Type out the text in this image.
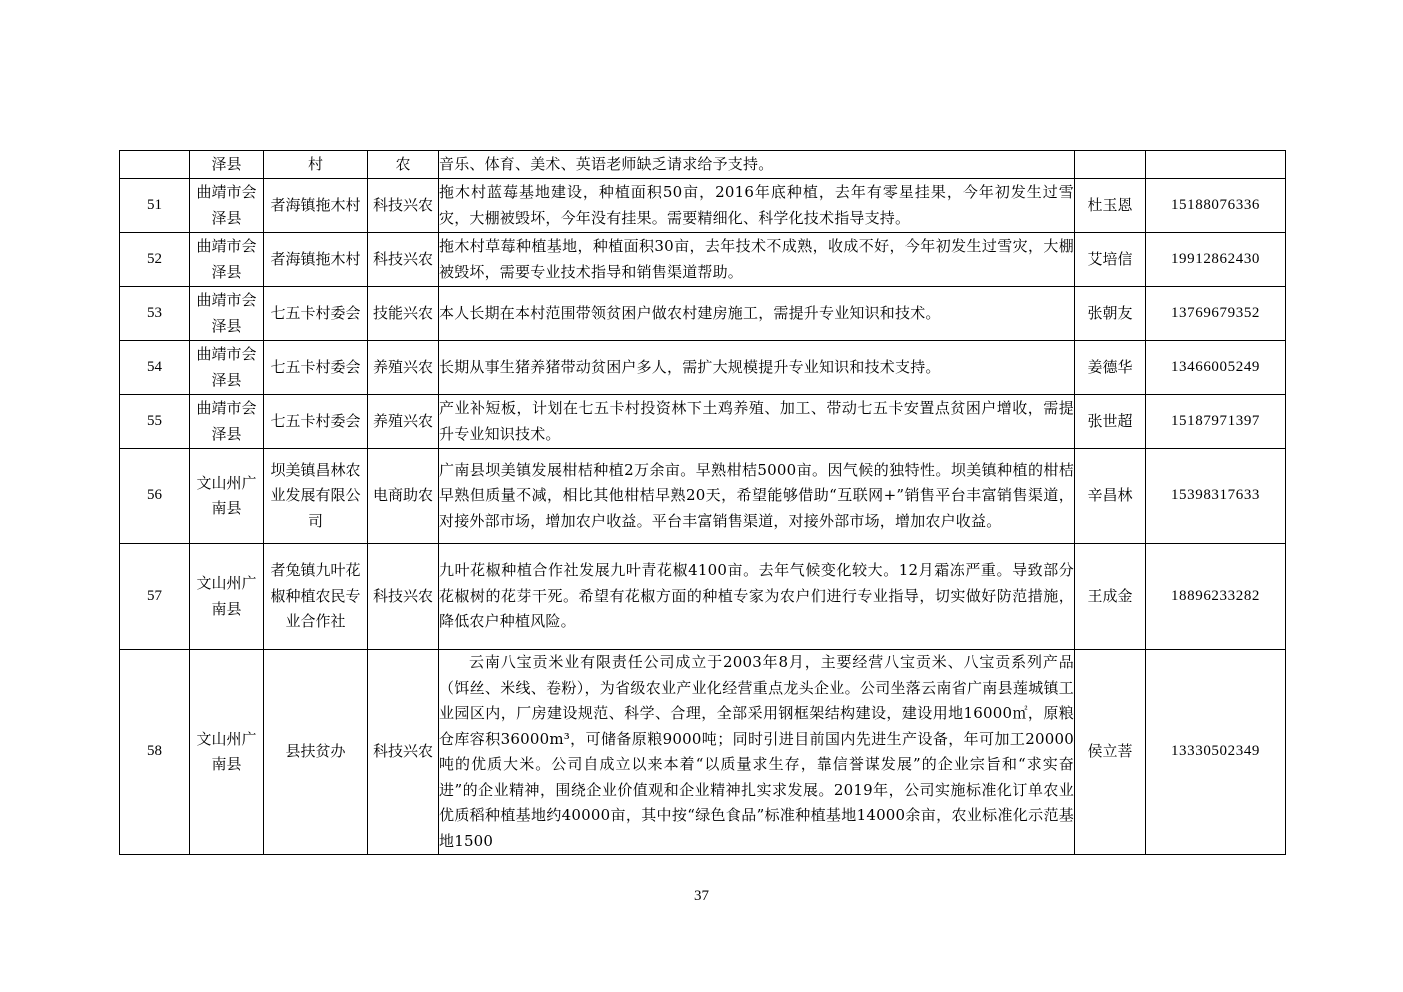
	泽县	村	农	音乐、体育、美术、英语老师缺乏请求给予支持。		
51	曲靖市会泽县	者海镇拖木村	科技兴农	拖木村蓝莓基地建设，种植面积50亩，2016年底种植，去年有零星挂果，今年初发生过雪灾，大棚被毁坏，今年没有挂果。需要精细化、科学化技术指导支持。	杜玉恩	15188076336
52	曲靖市会泽县	者海镇拖木村	科技兴农	拖木村草莓种植基地，种植面积30亩，去年技术不成熟，收成不好，今年初发生过雪灾，大棚被毁坏，需要专业技术指导和销售渠道帮助。	艾培信	19912862430
53	曲靖市会泽县	七五卡村委会	技能兴农	本人长期在本村范围带领贫困户做农村建房施工，需提升专业知识和技术。	张朝友	13769679352
54	曲靖市会泽县	七五卡村委会	养殖兴农	长期从事生猪养猪带动贫困户多人，需扩大规模提升专业知识和技术支持。	姜德华	13466005249
55	曲靖市会泽县	七五卡村委会	养殖兴农	产业补短板，计划在七五卡村投资林下土鸡养殖、加工、带动七五卡安置点贫困户增收，需提升专业知识技术。	张世超	15187971397
56	文山州广南县	坝美镇昌林农业发展有限公司	电商助农	广南县坝美镇发展柑桔种植2万余亩。早熟柑桔5000亩。因气候的独特性。坝美镇种植的柑桔早熟但质量不减，相比其他柑桔早熟20天，希望能够借助“互联网+”销售平台丰富销售渠道，对接外部市场，增加农户收益。平台丰富销售渠道，对接外部市场，增加农户收益。	辛昌林	15398317633
57	文山州广南县	者兔镇九叶花椒种植农民专业合作社	科技兴农	九叶花椒种植合作社发展九叶青花椒4100亩。去年气候变化较大。12月霜冻严重。导致部分花椒树的花芽干死。希望有花椒方面的种植专家为农户们进行专业指导，切实做好防范措施，降低农户种植风险。	王成金	18896233282
58	文山州广南县	县扶贫办	科技兴农	云南八宝贡米业有限责任公司成立于2003年8月，主要经营八宝贡米、八宝贡系列产品（饵丝、米线、卷粉），为省级农业产业化经营重点龙头企业。公司坐落云南省广南县莲城镇工业园区内，厂房建设规范、科学、合理，全部采用钢框架结构建设，建设用地16000㎡，原粮仓库容积36000m³，可储备原粮9000吨；同时引进目前国内先进生产设备，年可加工20000吨的优质大米。公司自成立以来本着“以质量求生存，靠信誉谋发展”的企业宗旨和“求实奋进”的企业精神，围绕企业价值观和企业精神扎实求发展。2019年，公司实施标准化订单农业优质稻种植基地约40000亩，其中按“绿色食品”标准种植基地14000余亩，农业标准化示范基地1500	侯立菩	13330502349
37
